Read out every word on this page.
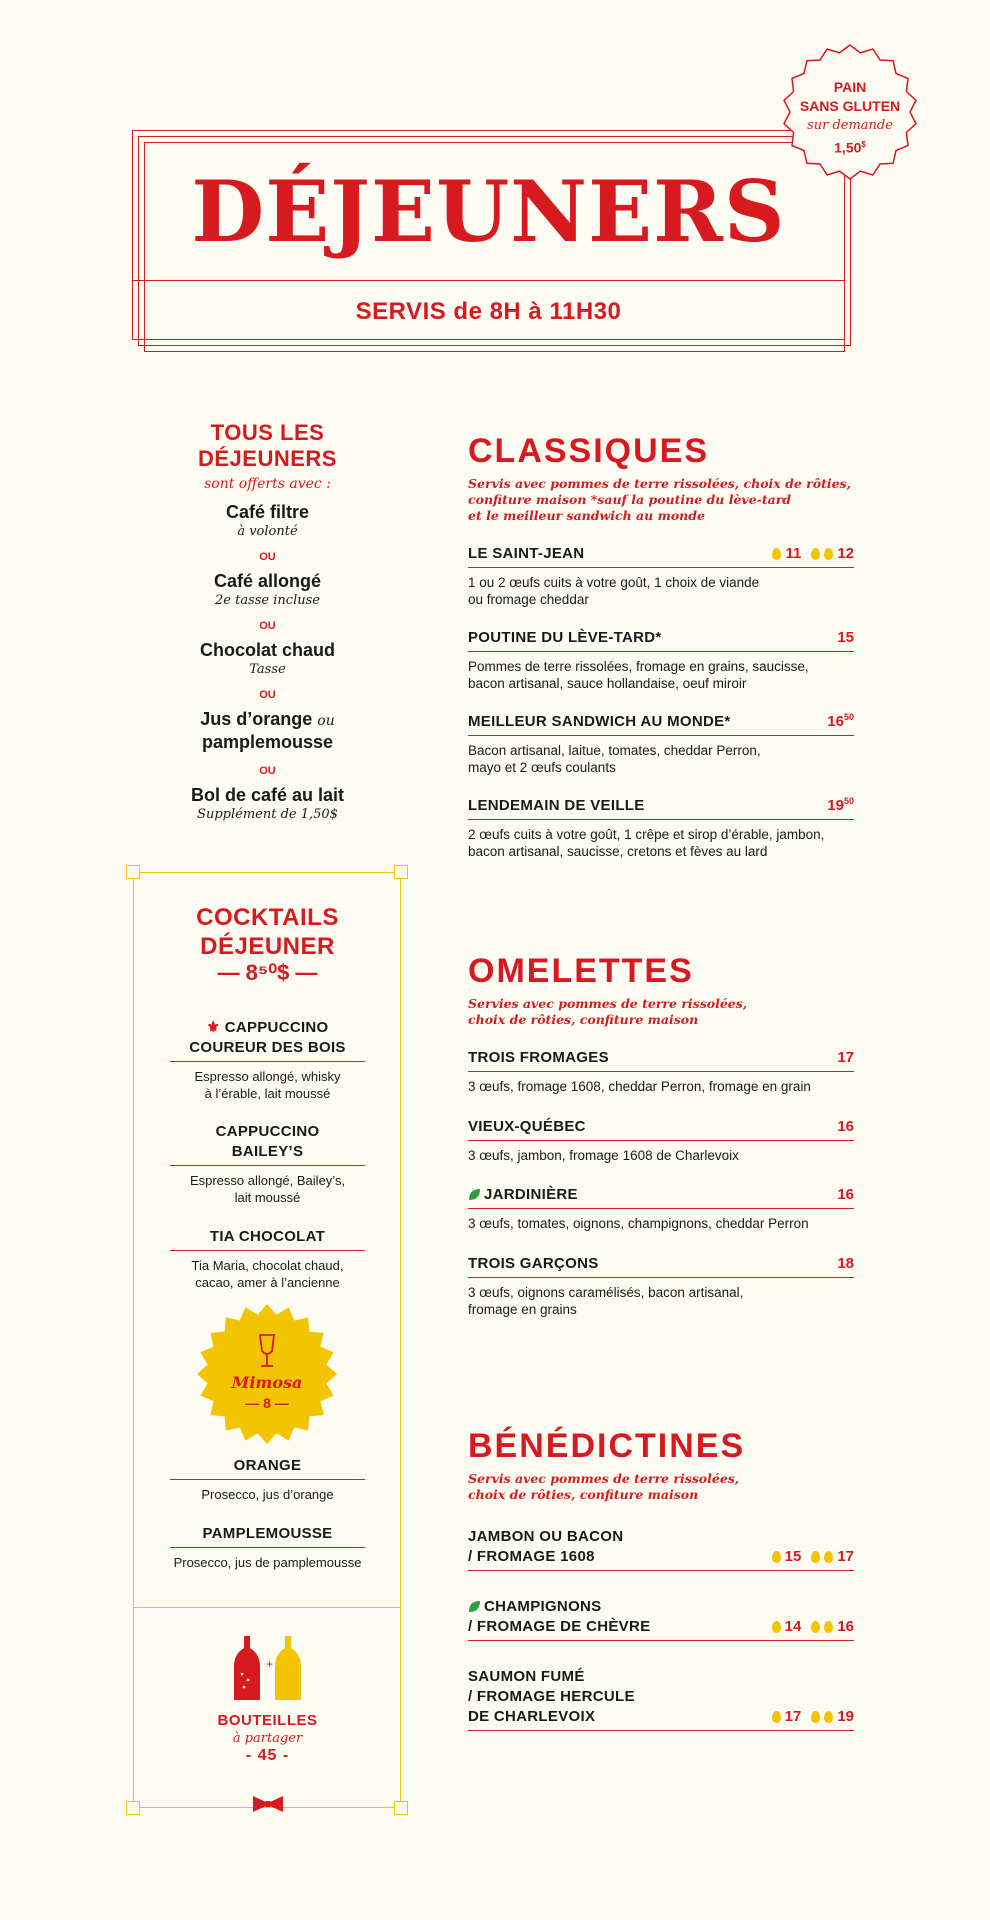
DÉJEUNERS
SERVIS de 8H à 11H30
PAIN
SANS GLUTEN
sur demande
1,50$
TOUS LES
DÉJEUNERS
sont offerts avec :
Café filtre
à volonté
OU
Café allongé
2e tasse incluse
OU
Chocolat chaud
Tasse
OU
Jus d’orange ou
pamplemousse
OU
Bol de café au lait
Supplément de 1,50$
COCKTAILS
DÉJEUNER
— 8⁵⁰$ —
⚜ CAPPUCCINO
COUREUR DES BOIS
Espresso allongé, whisky
à l’érable, lait moussé
CAPPUCCINO
BAILEY’S
Espresso allongé, Bailey’s,
lait moussé
TIA CHOCOLAT
Tia Maria, chocolat chaud,
cacao, amer à l’ancienne
Mimosa
— 8 —
ORANGE
Prosecco, jus d’orange
PAMPLEMOUSSE
Prosecco, jus de pamplemousse
+
BOUTEILLES
à partager
- 45 -
CLASSIQUES
Servis avec pommes de terre rissolées, choix de rôties,
confiture maison *sauf la poutine du lève-tard
et le meilleur sandwich au monde
LE SAINT-JEAN	11 12
1 ou 2 œufs cuits à votre goût, 1 choix de viande
ou fromage cheddar
POUTINE DU LÈVE-TARD*	15
Pommes de terre rissolées, fromage en grains, saucisse,
bacon artisanal, sauce hollandaise, oeuf miroir
MEILLEUR SANDWICH AU MONDE*	$16^{50}$
Bacon artisanal, laitue, tomates, cheddar Perron,
mayo et 2 œufs coulants
LENDEMAIN DE VEILLE	$19^{50}$
2 œufs cuits à votre goût, 1 crêpe et sirop d’érable, jambon,
bacon artisanal, saucisse, cretons et fèves au lard
OMELETTES
Servies avec pommes de terre rissolées,
choix de rôties, confiture maison
TROIS FROMAGES	17
3 œufs, fromage 1608, cheddar Perron, fromage en grain
VIEUX-QUÉBEC	16
3 œufs, jambon, fromage 1608 de Charlevoix
JARDINIÈRE	16
3 œufs, tomates, oignons, champignons, cheddar Perron
TROIS GARÇONS	18
3 œufs, oignons caramélisés, bacon artisanal,
fromage en grains
BÉNÉDICTINES
Servis avec pommes de terre rissolées,
choix de rôties, confiture maison
JAMBON OU BACON
/ FROMAGE 1608	15 17
CHAMPIGNONS
/ FROMAGE DE CHÈVRE	14 16
SAUMON FUMÉ
/ FROMAGE HERCULE
DE CHARLEVOIX	17 19
